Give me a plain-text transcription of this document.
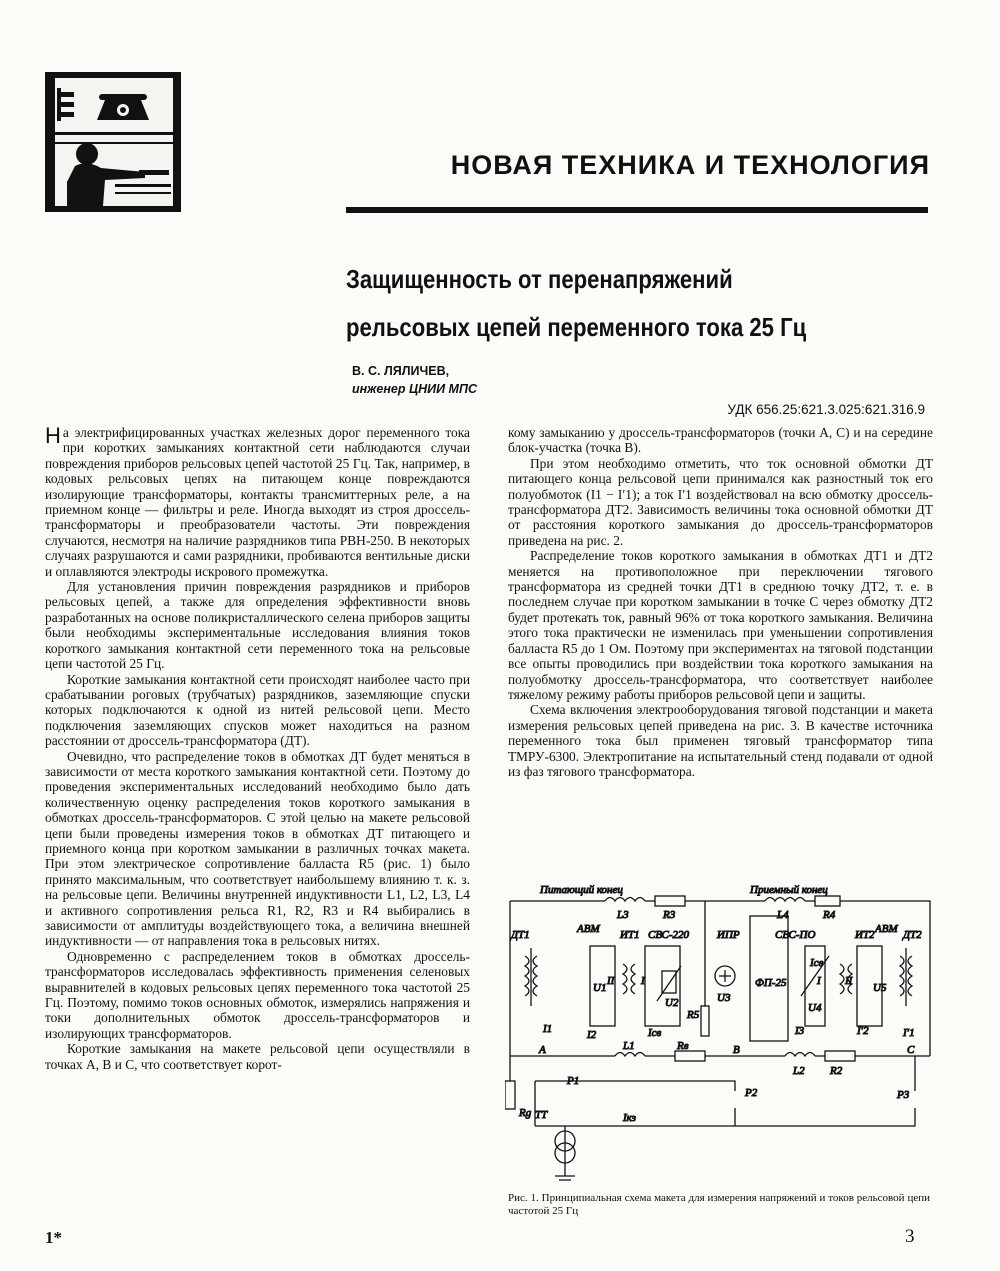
НОВАЯ ТЕХНИКА И ТЕХНОЛОГИЯ
Защищенность от перенапряжений рельсовых цепей переменного тока 25 Гц
В. С. ЛЯЛИЧЕВ,
инженер ЦНИИ МПС
УДК 656.25:621.3.025:621.316.9

На электрифицированных участках железных дорог переменного тока при коротких замыканиях контактной сети наблюдаются случаи повреждения приборов рельсовых цепей частотой 25 Гц. Так, например, в кодовых рельсовых цепях на питающем конце повреждаются изолирующие трансформаторы, контакты трансмиттерных реле, а на приемном конце — фильтры и реле. Иногда выходят из строя дроссель-трансформаторы и преобразователи частоты. Эти повреждения случаются, несмотря на наличие разрядников типа РВН-250. В некоторых случаях разрушаются и сами разрядники, пробиваются вентильные диски и оплавляются электроды искрового промежутка.

Для установления причин повреждения разрядников и приборов рельсовых цепей, а также для определения эффективности вновь разработанных на основе поликристаллического селена приборов защиты были необходимы экспериментальные исследования влияния токов короткого замыкания контактной сети переменного тока на рельсовые цепи частотой 25 Гц.

Короткие замыкания контактной сети происходят наиболее часто при срабатывании роговых (трубчатых) разрядников, заземляющие спуски которых подключаются к одной из нитей рельсовой цепи. Место подключения заземляющих спусков может находиться на разном расстоянии от дроссель-трансформатора (ДТ).

Очевидно, что распределение токов в обмотках ДТ будет меняться в зависимости от места короткого замыкания контактной сети. Поэтому до проведения экспериментальных исследований необходимо было дать количественную оценку распределения токов короткого замыкания в обмотках дроссель-трансформаторов. С этой целью на макете рельсовой цепи были проведены измерения токов в обмотках ДТ питающего и приемного конца при коротком замыкании в различных точках макета. При этом электрическое сопротивление балласта R5 (рис. 1) было принято максимальным, что соответствует наибольшему влиянию т. к. з. на рельсовые цепи. Величины внутренней индуктивности L1, L2, L3, L4 и активного сопротивления рельса R1, R2, R3 и R4 выбирались в зависимости от амплитуды воздействующего тока, а величина внешней индуктивности — от направления тока в рельсовых нитях.

Одновременно с распределением токов в обмотках дроссель-трансформаторов исследовалась эффективность применения селеновых выравнителей в кодовых рельсовых цепях переменного тока частотой 25 Гц. Поэтому, помимо токов основных обмоток, измерялись напряжения и токи дополнительных обмоток дроссель-трансформаторов и изолирующих трансформаторов.

Короткие замыкания на макете рельсовой цепи осуществляли в точках А, В и С, что соответствует корот-

кому замыканию у дроссель-трансформаторов (точки А, С) и на середине блок-участка (точка В).

При этом необходимо отметить, что ток основной обмотки ДТ питающего конца рельсовой цепи принимался как разностный ток его полуобмоток (I1 − I′1); а ток I′1 воздействовал на всю обмотку дроссель-трансформатора ДТ2. Зависимость величины тока основной обмотки ДТ от расстояния короткого замыкания до дроссель-трансформаторов приведена на рис. 2.

Распределение токов короткого замыкания в обмотках ДТ1 и ДТ2 меняется на противоположное при переключении тягового трансформатора из средней точки ДТ1 в среднюю точку ДТ2, т. е. в последнем случае при коротком замыкании в точке С через обмотку ДТ2 будет протекать ток, равный 96% от тока короткого замыкания. Величина этого тока практически не изменилась при уменьшении сопротивления балласта R5 до 1 Ом. Поэтому при экспериментах на тяговой подстанции все опыты проводились при воздействии тока короткого замыкания на полуобмотку дроссель-трансформатора, что соответствует наиболее тяжелому режиму работы приборов рельсовой цепи и защиты.

Схема включения электрооборудования тяговой подстанции и макета измерения рельсовых цепей приведена на рис. 3. В качестве источника переменного тока был применен тяговый трансформатор типа ТМРУ-6300. Электропитание на испытательный стенд подавали от одной из фаз тягового трансформатора.

Питающий конец	Приемный конец
ДТ1	ДТ2
АВМ	АВМ
ИТ1	ИТ2
СВС-220	СВС-ПО
ИПР
ФП-25
L3	L4
L1
L2
R3	R4
R2
R5
Rg ТТ
P1
P2	P3
А	В	С
I1	I′1
I2	I′2
I3
Iсв
Iсв
Iкз
Rв
II I	I II
U1
U2	U3
U4
U5
Рис. 1. Принципиальная схема макета для измерения напряжений и токов рельсовой цепи частотой 25 Гц
1*	3
